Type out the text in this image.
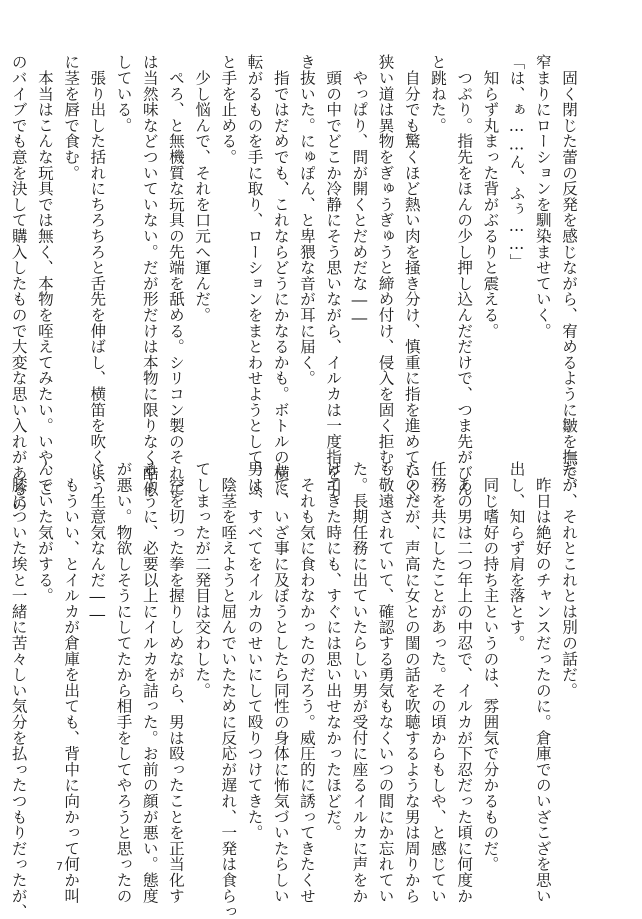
　固く閉じた蕾の反発を感じながら、宥めるように皺を撫で、
窄まりにローションを馴染ませていく。
「は、ぁ……ん、ふぅ……」
　知らず丸まった背がぶるりと震える。
　つぷり。指先をほんの少し押し込んだだけで、つま先がびん
と跳ねた。
　自分でも驚くほど熱い肉を掻き分け、慎重に指を進めていく。
狭い道は異物をぎゅうぎゅうと締め付け、侵入を固く拒む。
　やっぱり、問が開くとだめだな――
　頭の中でどこか冷静にそう思いながら、イルカは一度指を引
き抜いた。にゅぽん、と卑猥な音が耳に届く。
　指ではだめでも、これならどうにかなるかも。ボトルの横に
転がるものを手に取り、ローションをまとわせようとして、ふ
と手を止める。
　少し悩んで、それを口元へ運んだ。
　ぺろ、と無機質な玩具の先端を舐める。シリコン製のそれに
は当然味などついていない。だが形だけは本物に限りなく酷似
している。
　張り出した括れにちろちろと舌先を伸ばし、横笛を吹くよう
に茎を唇で食む。
　本当はこんな玩具では無く、本物を咥えてみたい。いや、こ
のバイブでも意を決して購入したもので大変な思い入れがあるの
だが、それとこれとは別の話だ。
　昨日は絶好のチャンスだったのに。倉庫でのいざこざを思い
出し、知らず肩を落とす。
　同じ嗜好の持ち主というのは、雰囲気で分かるものだ。
　あの男は二つ年上の中忍で、イルカが下忍だった頃に何度か
任務を共にしたことがあった。その頃からもしや、と感じてい
たのだが、声高に女との閨の話を吹聴するような男は周りから
も敬遠されていて、確認する勇気もなくいつの間にか忘れてい
た。長期任務に出ていたらしい男が受付に座るイルカに声をか
けてきた時にも、すぐには思い出せなかったほどだ。
　それも気に食わなかったのだろう。威圧的に誘ってきたくせ
して、いざ事に及ぼうとしたら同性の身体に怖気づいたらしい
男は、すべてをイルカのせいにして殴りつけてきた。
　陰茎を咥えようと屈んでいたために反応が遅れ、一発は食らっ
てしまったが二発目は交わした。
　空を切った拳を握りしめながら、男は殴ったことを正当化す
るように、必要以上にイルカを詰った。お前の顔が悪い。態度
が悪い。物欲しそうにしてたから相手をしてやろうと思ったの
に、生意気なんだ――
　もういい、とイルカが倉庫を出ても、背中に向かって何か叫
んでいた気がする。
　膝についた埃と一緒に苦々しい気分を払ったつもりだったが、	7
